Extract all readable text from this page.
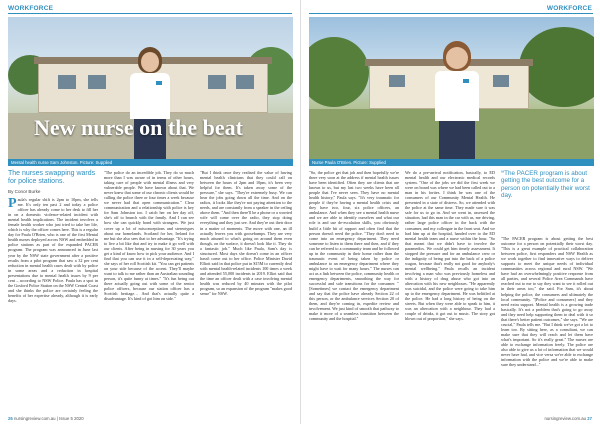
WORKFORCE
New nurse on the beat
Mental health nurse Sam Johnston. Picture: Supplied
The nurses swapping wards for police stations.
By Conor Burke
Paula's regular shift is 2pm to 10pm, she tells me. It's only ten past 2 and today a police officer has already come to her desk to fill her in on a domestic violence-related incident with mental health implications. The incident involves a female health worker who just tried to take her life, which is why the officer comes here. This is a regular day for Paula O'Brien, who is one of the first Mental health nurses deployed across NSW and embedded in police stations as part of the expanded PACER program. The program was announced in June last year by the NSW state government after a positive results from a pilot program that saw a 32 per cent reduction in mental health cases dealt with by police in some areas and a reduction in hospital presentations due to mental health issues by 9 per cent – according to NSW Police. Paula has a spot in the Gosford Police Station on the NSW Central Coast and she thinks the police are certainly feeling the benefits of her expertise already, although it is early days.

"The police do an incredible job. They do so much more than I was aware of in terms of other hours, taking care of people with mental illness and very vulnerable people. We have known about that. We never knew that some of our chronic clients would be calling the police three or four times a week because we never had that open communication." Clear communication and a relationship with police is key for Sam Johnston too. I catch her on her day off, she's off to brunch with the family. And I can see how she can quickly bond with strangers. We just cover up a lot of misconceptions and stereotypes about our homelands. Scotland for her, Ireland for me but she also sees that to her advantage. "It's trying to live a bit like that and try to make it go well with our clients. After being in nursing for 30 years you get a kind of know how to pick your audience. And I find that you can use it in a self-deprecating way," she says of her roll Scottish kit. "You can get patients on your side because of the accent. They'll maybe want to talk to me rather than an Australian sounding person, it's quite funny at times." "It's fun being out there actually going out with some of the senior police officers, because our station officer has a Scottish heritage… And that's actually quite a disadvantage. It's kind of got him on side."

"But I think once they realised the value of having mental health clinicians that they could call on between the hours of 2pm and 10pm, it's been very helpful for them. It's taken away some of the pressure," she says. "They're extremely busy. We can hear the jobs going down all the time. And on the radios, it looks like they're not paying attention to the needs, and are constantly from a speaker in the ceiling above them. "And then there'll be a phone or a worried wife will come over the radio, they stop doing everything and they just see. And they're out their door in a matter of moments. The move with one, an ill actually leaves you with goosebumps. They are very much attuned to what's going on around them even though, on the surface, it doesn't look like it. They do a fantastic job." Much like Paula, Sam's day is structured. Most days she doesn't come in an officer hasn't come out to her office. Police Minister David Elliott said in that police put in $15M to currently deal with mental health-related incidents 100 times a week and attended 55,000 incidents in 2019. Elliot said that the time an officer dealt with a case involving mental health was reduced by 40 minutes with the pilot program, so an expansion of the program "makes good sense" for NSW.

26 nursingreview.com.au | Issue 5 2020
WORKFORCE
Nurse Paula O'Brien. Picture: Supplied

"So, the police get that job and then hopefully we're there very soon at the address if mental health issues have been identified. Often they are clients that are known to us, but my last two weeks have been all people that I've never seen. They have no mental health history," Paula says. "It's very traumatic for people if they're having a mental health crisis and they have two, four, six police officers, an ambulance. And when they see a mental health nurse and we are able to identify ourselves and what our role is and use de-escalation skills, you obviously build a little bit of rapport and often find that the person doesn't need the police. "They don't need to come into an emergency department. They need someone to listen to them there and then, and if they can be referred to a community team and be followed up in the community in their home rather than the traumatic event of being taken by police or ambulance to an emergency department where they might have to wait for many hours." The nurses can act as a link between the police, community health or emergency departments, smoothing the way for successful and safe transitions for the consumer. "[Sometimes] we contact the emergency department and say that the police have already Section 22 of this person, or the ambulance services Section 20 of them, and they're coming in, expedite review and involvement. We just kind of smooth that pathway to make it more of a seamless transition between the community and the hospital."

We do a pre-arrival notification, basically, to ED mental health and our electronic medical records system. "One of the jobs we did the first week we were on board was where we had been called out to a man in his forties. I think he was one of the consumers of our Community Mental Health. He presented in a state of distress. So, we attended with the police at the same time. They made sure it was safe for us to go in. And we went in, assessed the situation, had this man in the car with us, me driving, rather large police officer in the back with the consumer, and my colleague in the front seat. And we had him up at the hospital, handed over to the ED mental health team and a nurse within the hour. "So that meant that we didn't have to involve the paramedics. We could get him timely assessment. It stopped the pressure and for an ambulance crew or the indignity of being put into the back of a police wagon, because that's really not good for anybody's mental wellbeing." Paula recalls an incident involving a man who was previously homeless and with a history of drug abuse who got into an altercation with his new neighbours. "He apparently was suicidal, and the police were going to take him up to the emergency department. He was belittled at the police. He had a long history of being on the streets. But when they were able to speak to him, it was an altercation with a neighbour. They had a couple of drinks, it got out to music. The story got blown out of proportion," she says.

“The PACER program is about getting the best outcome for a person on potentially their worst day.

"The PACER program is about getting the best outcome for a person on potentially their worst day. "This is a great example of practical collaboration between police, first responders and NSW Health as we work together to find innovative ways to deliver supports to meet the unique needs of individual communities across regional and rural NSW. "We have had an overwhelmingly positive response from all parties, and several Police Area Commands have reached out to me to say they want to see it rolled out in their areas too," she said. For Sam, it's about helping the police, the consumers and ultimately the local community. "[Police and consumers] and they need extra support. Mental health is a growing trade basically. It's not a problem that's going to go away and they need help supporting them to deal with it so that there's better patient outcomes," she says. "We are crucial," Paula tells me. "But I think we've got a lot to learn too. By sitting here, as a consultant, we can make sure that they will reach and let them have what's important. So it's really great." The nurses are able to exchange information freely. The police are also able to give us a lot of information that we would never have had, and vice versa we're able to exchange information with the police and we're able to make sure they understand..."

nursingreview.com.au 27
